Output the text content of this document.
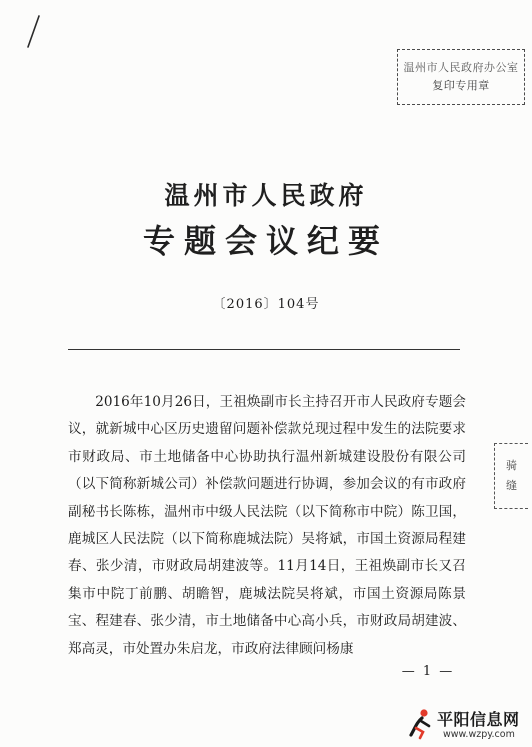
温州市人民政府办公室
复印专用章
温州市人民政府
专题会议纪要
〔2016〕104号

2016年10月26日，王祖焕副市长主持召开市人民政府专题会议，就新城中心区历史遗留问题补偿款兑现过程中发生的法院要求市财政局、市土地储备中心协助执行温州新城建设股份有限公司（以下简称新城公司）补偿款问题进行协调，参加会议的有市政府副秘书长陈栋，温州市中级人民法院（以下简称市中院）陈卫国，鹿城区人民法院（以下简称鹿城法院）吴将斌，市国土资源局程建春、张少清，市财政局胡建波等。11月14日，王祖焕副市长又召集市中院丁前鹏、胡瞻智，鹿城法院吴将斌，市国土资源局陈景宝、程建春、张少清，市土地储备中心高小兵，市财政局胡建波、郑高灵，市处置办朱启龙，市政府法律顾问杨康

骑
缝
— 1 —
平阳信息网
www.wzpy.com
